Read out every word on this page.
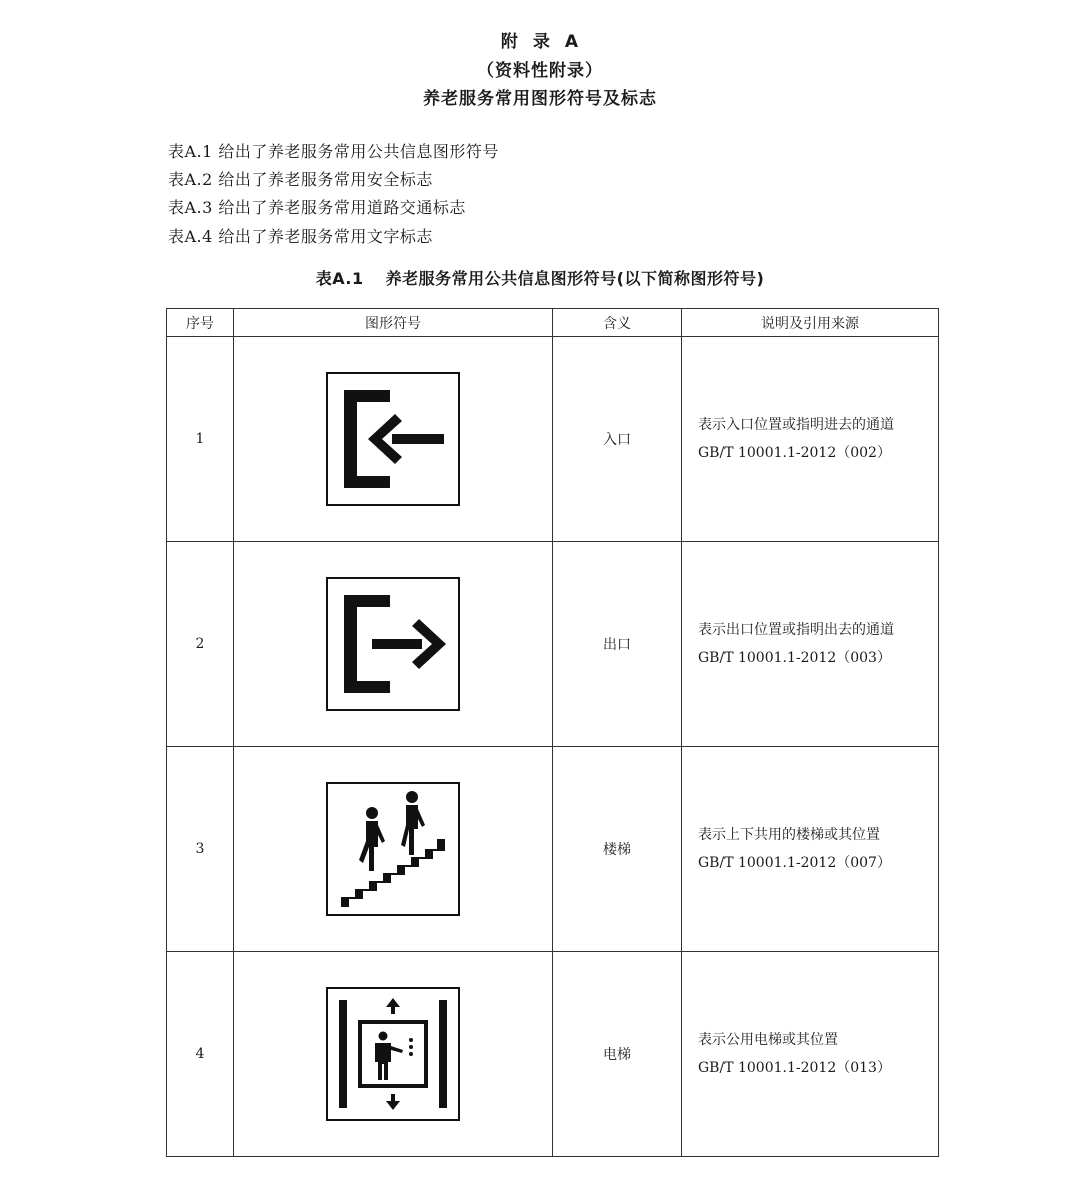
附 录 A
（资料性附录）
养老服务常用图形符号及标志
表A.1 给出了养老服务常用公共信息图形符号
表A.2 给出了养老服务常用安全标志
表A.3 给出了养老服务常用道路交通标志
表A.4 给出了养老服务常用文字标志
表A.1 养老服务常用公共信息图形符号(以下简称图形符号)
序号	图形符号	含义	说明及引用来源
1		入口	表示入口位置或指明进去的通道
GB/T 10001.1-2012（002）

2		出口	表示出口位置或指明出去的通道
GB/T 10001.1-2012（003）

3		楼梯	表示上下共用的楼梯或其位置
GB/T 10001.1-2012（007）

4		电梯	表示公用电梯或其位置
GB/T 10001.1-2012（013）
